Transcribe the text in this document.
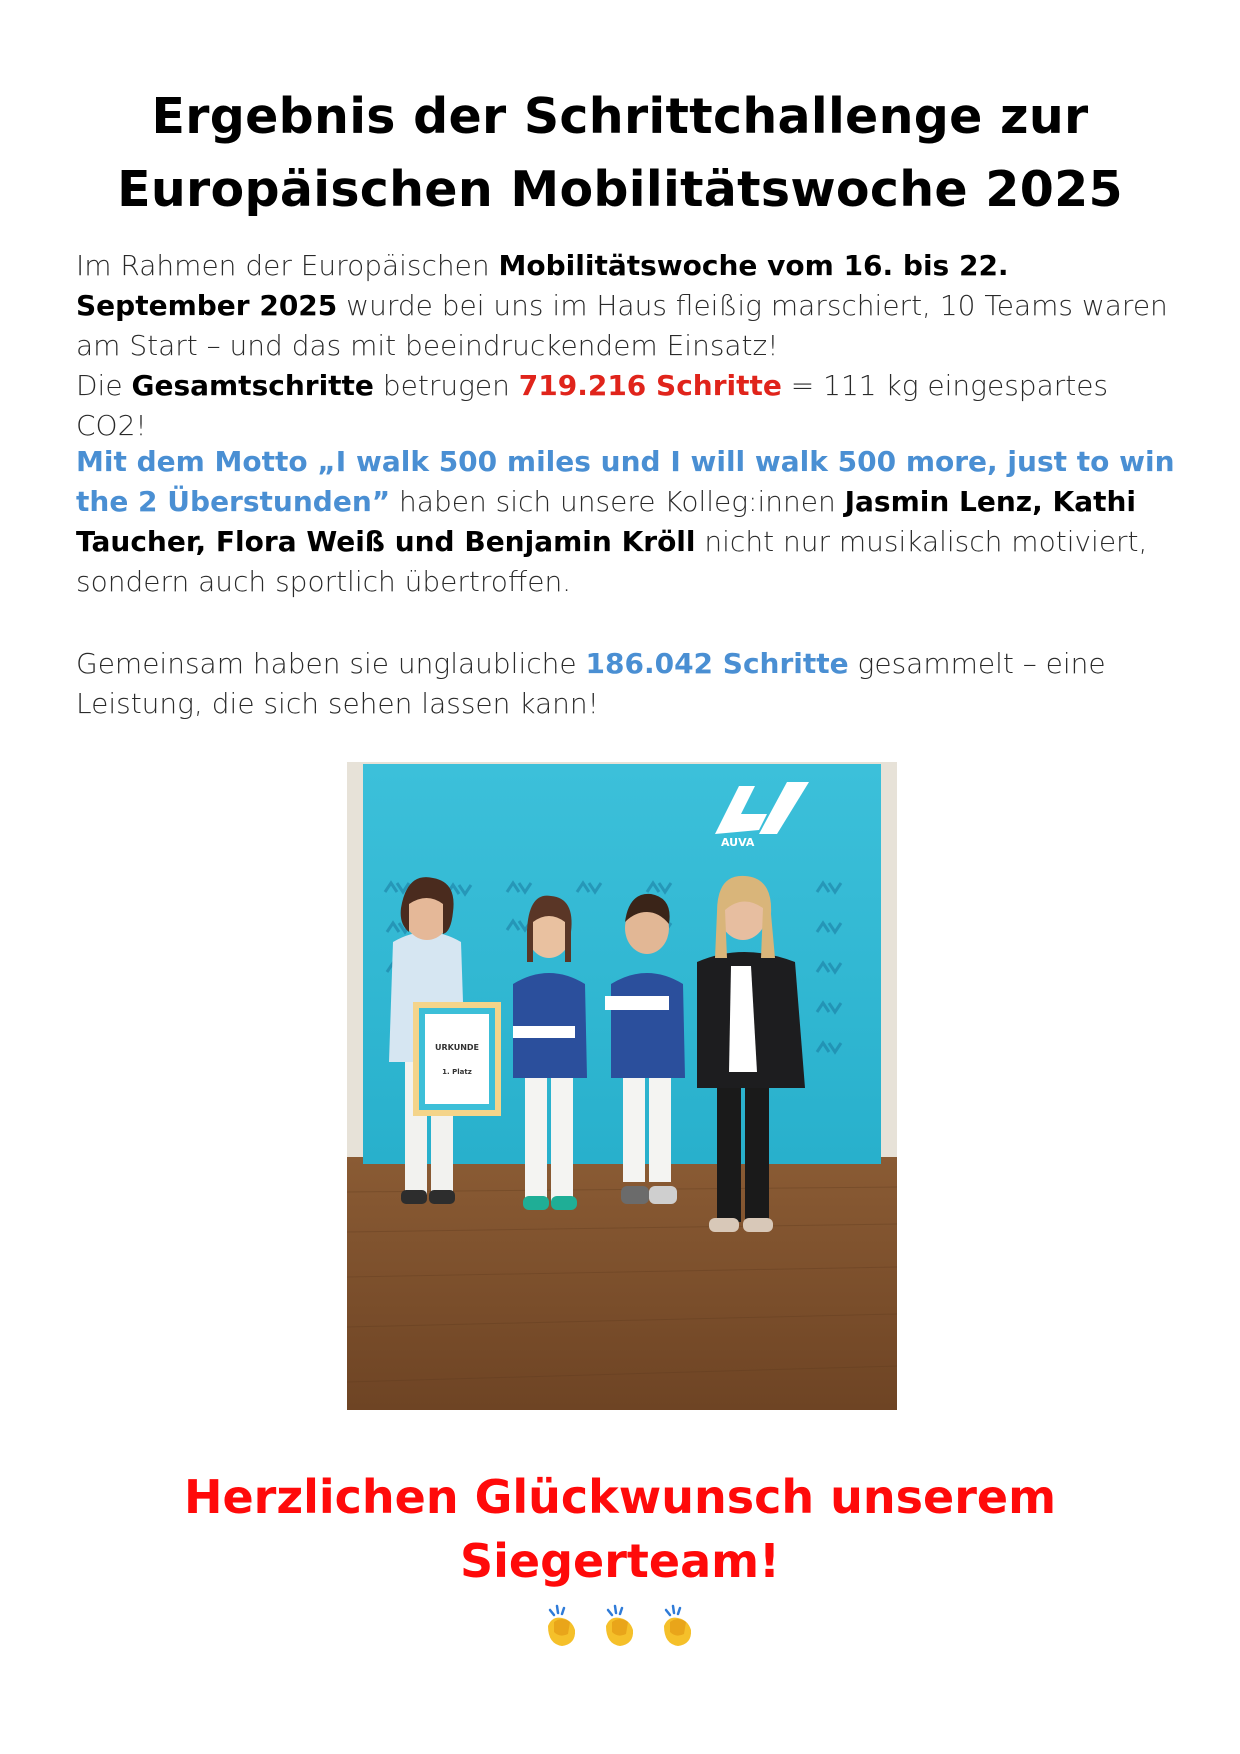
Ergebnis der Schrittchallenge zur
Europäischen Mobilitätswoche 2025

Im Rahmen der Europäischen Mobilitätswoche vom 16. bis 22. September 2025 wurde bei uns im Haus fleißig marschiert, 10 Teams waren am Start – und das mit beeindruckendem Einsatz!
Die Gesamtschritte betrugen 719.216 Schritte = 111 kg eingespartes CO2!

Mit dem Motto „I walk 500 miles und I will walk 500 more, just to win the 2 Überstunden” haben sich unsere Kolleg:innen Jasmin Lenz, Kathi Taucher, Flora Weiß und Benjamin Kröll nicht nur musikalisch motiviert, sondern auch sportlich übertroffen.

Gemeinsam haben sie unglaubliche 186.042 Schritte gesammelt – eine Leistung, die sich sehen lassen kann!

AUVA
URKUNDE
1. Platz
Herzlichen Glückwunsch unserem
Siegerteam!
